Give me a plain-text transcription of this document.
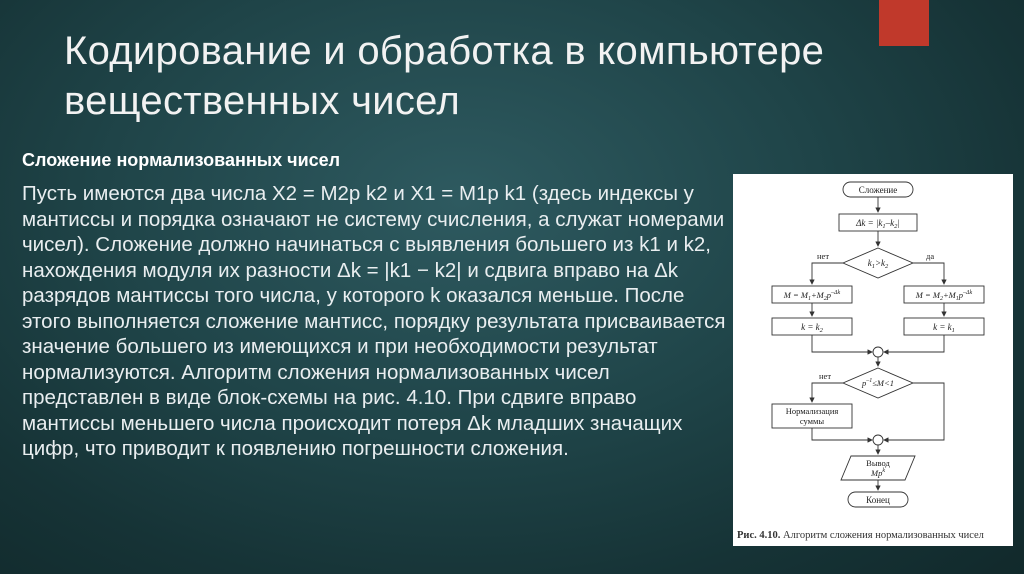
Кодирование и обработка в компьютере вещественных чисел
Сложение нормализованных чисел

Пусть имеются два числа X2 = M2p k2 и X1 = M1p k1 (здесь индексы у мантиссы и порядка означают не систему счисления, а служат номерами чисел). Сложение должно начинаться с выявления большего из k1 и k2, нахождения модуля их разности Δk = |k1 − k2| и сдвига вправо на Δk разрядов мантиссы того числа, у которого k оказался меньше. После этого выполняется сложение мантисс, порядку результата присваивается значение большего из имеющихся и при необходимости результат нормализуются. Алгоритм сложения нормализованных чисел представлен в виде блок-схемы на рис. 4.10. При сдвиге вправо мантиссы меньшего числа происходит потеря Δk младших значащих цифр, что приводит к появлению погрешности сложения.

Сложение
$\Delta k = |k_1-k_2|$
$k_1>k_2$
нет	да
$M = M_1+M_2p^{-\Delta k}$	$M = M_2+M_1p^{-\Delta k}$
$k = k_2$	$k = k_1$
$p^{-1}\le M<1$
нет
Нормализация
суммы
Вывод
Mp$^k$
Конец
Рис. 4.10. Алгоритм сложения нормализованных чисел
